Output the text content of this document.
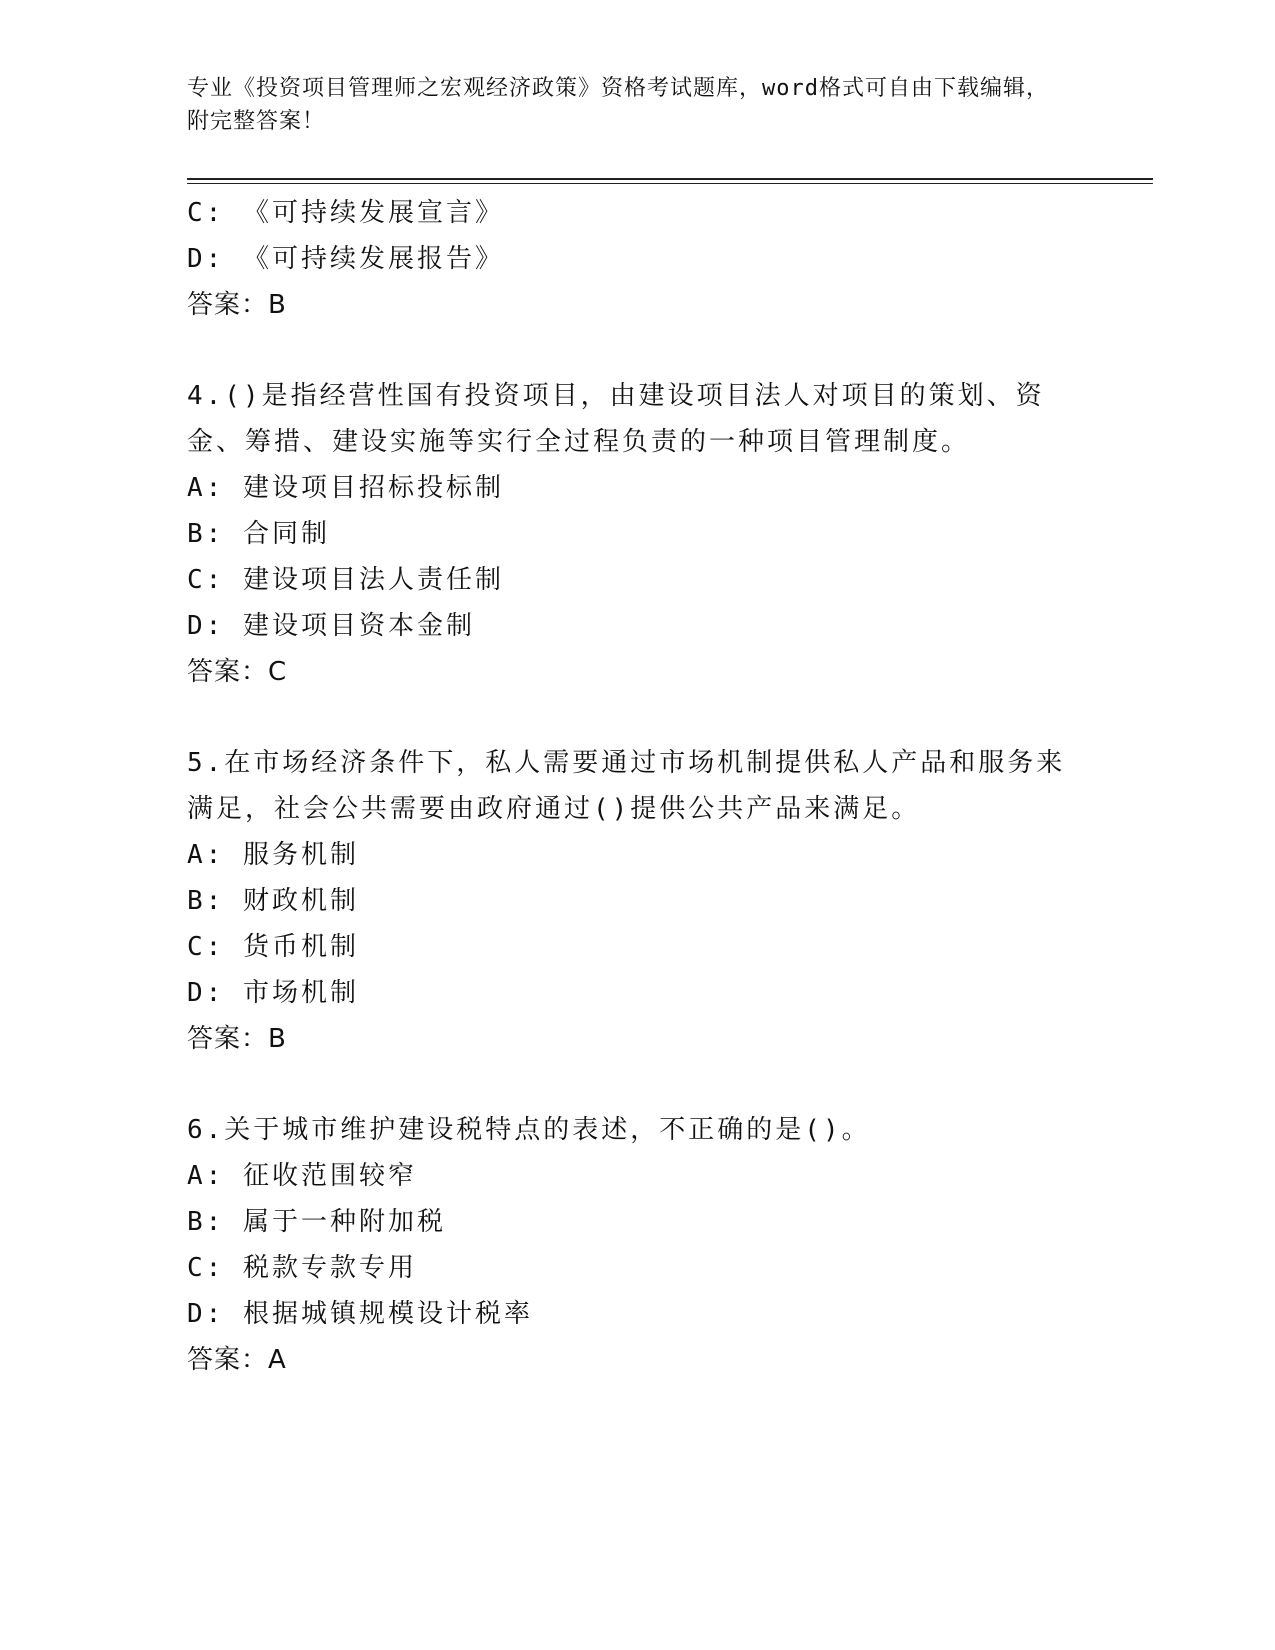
专业《投资项目管理师之宏观经济政策》资格考试题库，word格式可自由下载编辑，附完整答案！
C: 《可持续发展宣言》
D: 《可持续发展报告》
答案：B
4.()是指经营性国有投资项目，由建设项目法人对项目的策划、资金、筹措、建设实施等实行全过程负责的一种项目管理制度。
A: 建设项目招标投标制
B: 合同制
C: 建设项目法人责任制
D: 建设项目资本金制
答案：C
5.在市场经济条件下，私人需要通过市场机制提供私人产品和服务来满足，社会公共需要由政府通过()提供公共产品来满足。
A: 服务机制
B: 财政机制
C: 货币机制
D: 市场机制
答案：B
6.关于城市维护建设税特点的表述，不正确的是()。
A: 征收范围较窄
B: 属于一种附加税
C: 税款专款专用
D: 根据城镇规模设计税率
答案：A
